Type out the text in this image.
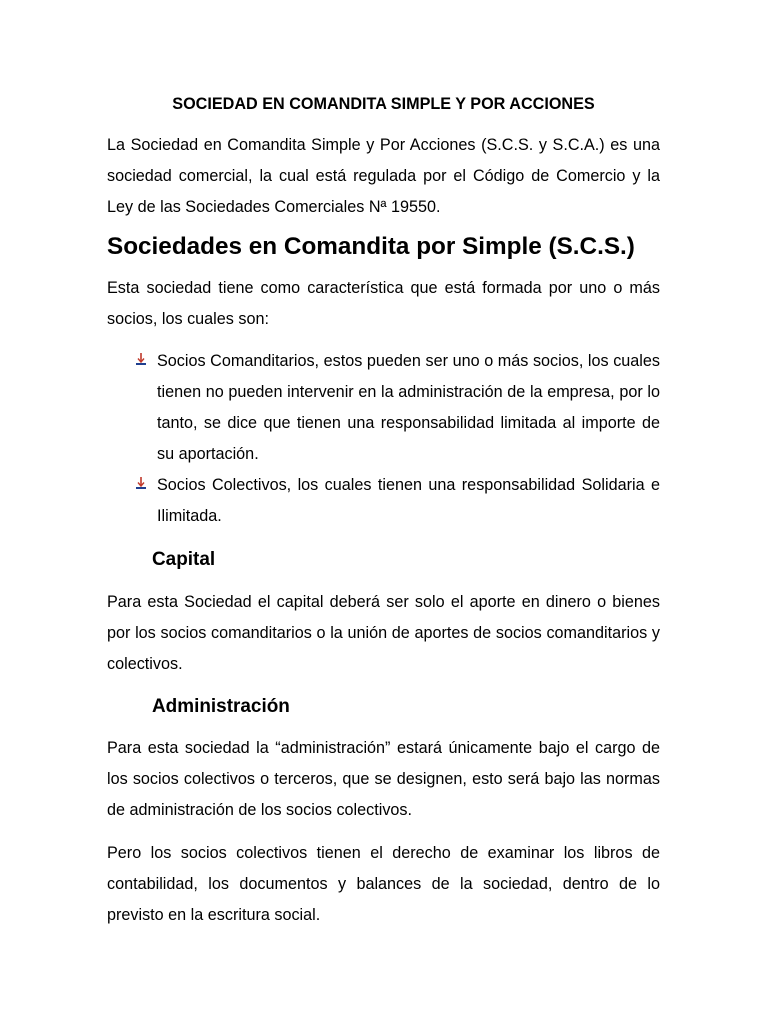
SOCIEDAD EN COMANDITA SIMPLE Y POR ACCIONES

La Sociedad en Comandita Simple y Por Acciones (S.C.S. y S.C.A.) es una sociedad comercial, la cual está regulada por el Código de Comercio y la Ley de las Sociedades Comerciales Nª 19550.

Sociedades en Comandita por Simple (S.C.S.)

Esta sociedad tiene como característica que está formada por uno o más socios, los cuales son:

Socios Comanditarios, estos pueden ser uno o más socios, los cuales tienen no pueden intervenir en la administración de la empresa, por lo tanto, se dice que tienen una responsabilidad limitada al importe de su aportación.
Socios Colectivos, los cuales tienen una responsabilidad Solidaria e Ilimitada.
Capital

Para esta Sociedad el capital deberá ser solo el aporte en dinero o bienes por los socios comanditarios o la unión de aportes de socios comanditarios y colectivos.

Administración

Para esta sociedad la “administración” estará únicamente bajo el cargo de los socios colectivos o terceros, que se designen, esto será bajo las normas de administración de los socios colectivos.

Pero los socios colectivos tienen el derecho de examinar los libros de contabilidad, los documentos y balances de la sociedad, dentro de lo previsto en la escritura social.
